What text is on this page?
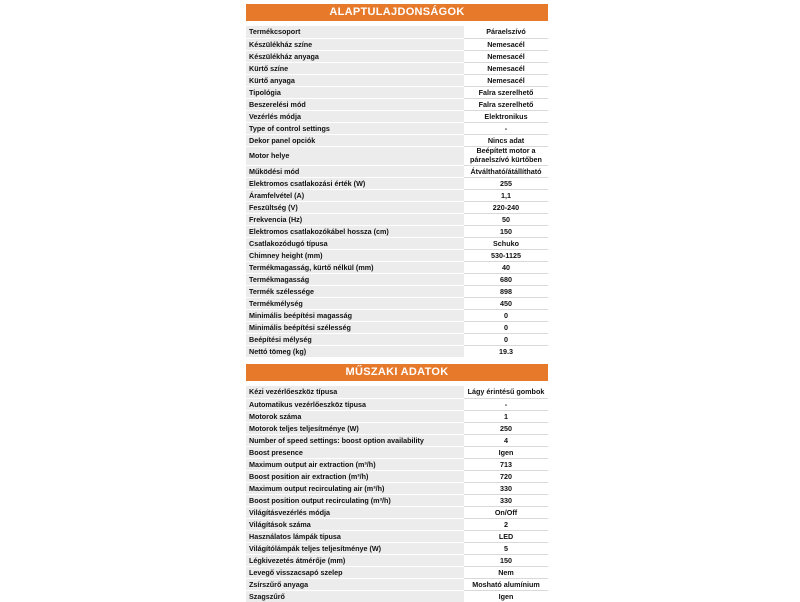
ALAPTULAJDONSÁGOK
Termékcsoport	Páraelszívó
Készülékház színe	Nemesacél
Készülékház anyaga	Nemesacél
Kürtő színe	Nemesacél
Kürtő anyaga	Nemesacél
Tipológia	Falra szerelhető
Beszerelési mód	Falra szerelhető
Vezérlés módja	Elektronikus
Type of control settings	-
Dekor panel opciók	Nincs adat
Motor helye	Beépített motor a páraelszívó kürtőben
Működési mód	Átváltható/átállítható
Elektromos csatlakozási érték (W)	255
Áramfelvétel (A)	1,1
Feszültség (V)	220-240
Frekvencia (Hz)	50
Elektromos csatlakozókábel hossza (cm)	150
Csatlakozódugó típusa	Schuko
Chimney height (mm)	530-1125
Termékmagasság, kürtő nélkül (mm)	40
Termékmagasság	680
Termék szélessége	898
Termékmélység	450
Minimális beépítési magasság	0
Minimális beépítési szélesség	0
Beépítési mélység	0
Nettó tömeg (kg)	19.3
MŰSZAKI ADATOK
Kézi vezérlőeszköz típusa	Lágy érintésű gombok
Automatikus vezérlőeszköz típusa	-
Motorok száma	1
Motorok teljes teljesítménye (W)	250
Number of speed settings: boost option availability	4
Boost presence	Igen
Maximum output air extraction (m³/h)	713
Boost position air extraction (m³/h)	720
Maximum output recirculating air (m³/h)	330
Boost position output recirculating (m³/h)	330
Világításvezérlés módja	On/Off
Világítások száma	2
Használatos lámpák típusa	LED
Világítólámpák teljes teljesítménye (W)	5
Légkivezetés átmérője (mm)	150
Levegő visszacsapó szelep	Nem
Zsírszűrő anyaga	Mosható alumínium
Szagszűrő	Igen
